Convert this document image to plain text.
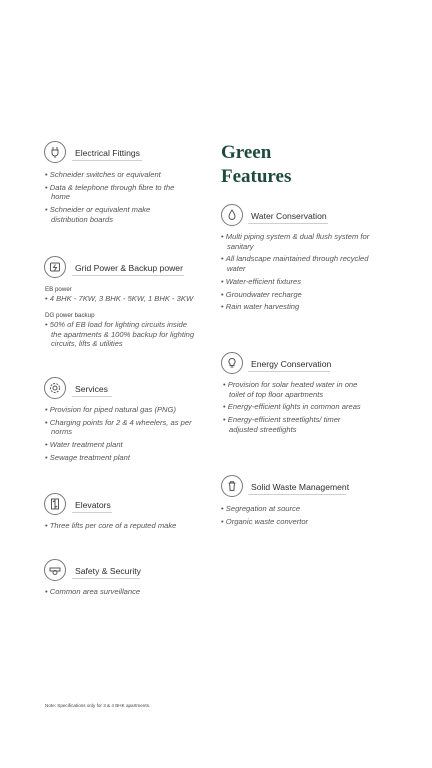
Green
Features
Electrical Fittings
• Schneider switches or equivalent
• Data & telephone through fibre to the home
• Schneider or equivalent make distribution boards
Grid Power & Backup power
EB power
• 4 BHK - 7KW, 3 BHK - 5KW, 1 BHK - 3KW
DG power backup
• 50% of EB load for lighting circuits inside the apartments & 100% backup for lighting circuits, lifts & utilities
Services
• Provision for piped natural gas (PNG)
• Charging points for 2 & 4 wheelers, as per norms
• Water treatment plant
• Sewage treatment plant
Elevators
• Three lifts per core of a reputed make
Safety & Security
• Common area surveillance
Water Conservation
• Multi piping system & dual flush system for sanitary
• All landscape maintained through recycled water
• Water-efficient fixtures
• Groundwater recharge
• Rain water harvesting
Energy Conservation
• Provision for solar heated water in one toilet of top floor apartments
• Energy-efficient lights in common areas
• Energy-efficient streetlights/ timer adjusted streetlights
Solid Waste Management
• Segregation at source
• Organic waste convertor
Note: Specifications only for 3 & 4 BHK apartments.
